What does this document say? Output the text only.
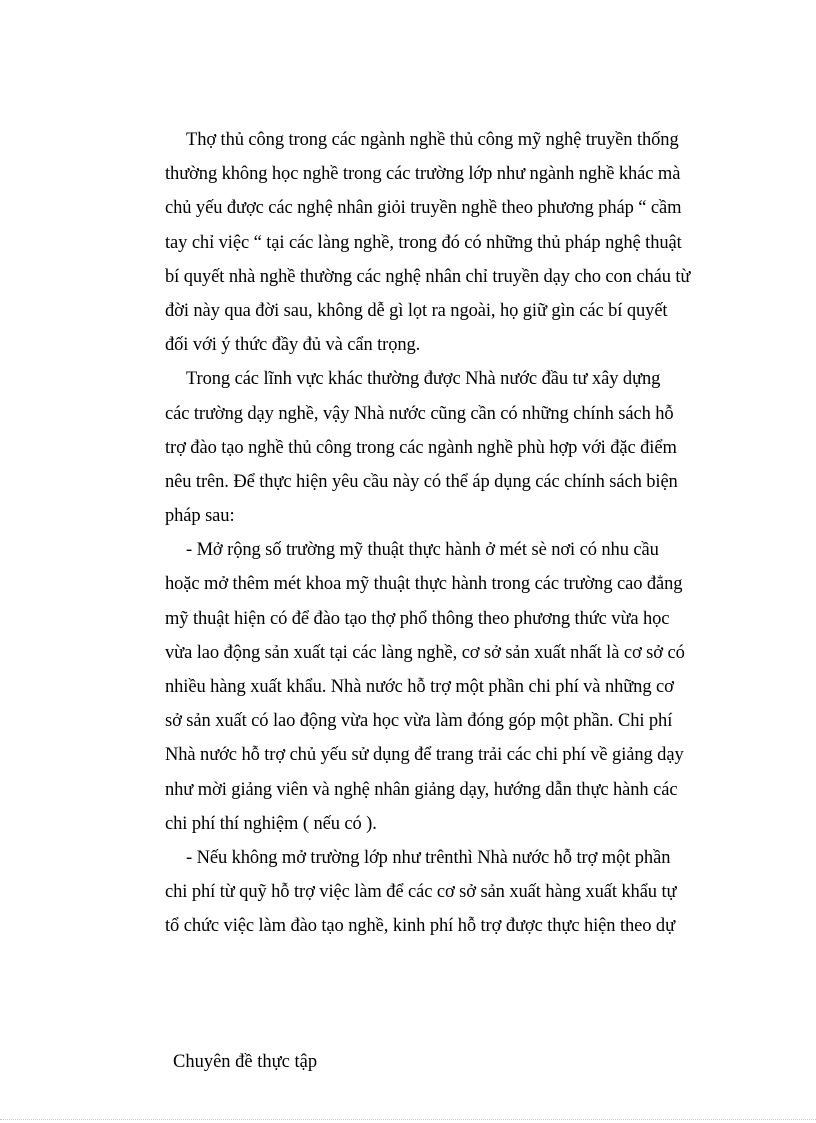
Thợ thủ công trong các ngành nghề thủ công mỹ nghệ truyền thống
thường không học nghề trong các trường lớp như ngành nghề khác mà
chủ yếu được các nghệ nhân giỏi truyền nghề theo phương pháp “ cầm
tay chỉ việc “ tại các làng nghề, trong đó có những thủ pháp nghệ thuật
bí quyết nhà nghề thường các nghệ nhân chỉ truyền dạy cho con cháu từ
đời này qua đời sau, không dễ gì lọt ra ngoài, họ giữ gìn các bí quyết
đối với ý thức đầy đủ và cẩn trọng.
Trong các lĩnh vực khác thường được Nhà nước đầu tư xây dựng
các trường dạy nghề, vậy Nhà nước cũng cần có những chính sách hỗ
trợ đào tạo nghề thủ công trong các ngành nghề phù hợp với đặc điểm
nêu trên. Để thực hiện yêu cầu này có thể áp dụng các chính sách biện
pháp sau:
- Mở rộng số trường mỹ thuật thực hành ở mét sè nơi có nhu cầu
hoặc mở thêm mét khoa mỹ thuật thực hành trong các trường cao đẳng
mỹ thuật hiện có để đào tạo thợ phổ thông theo phương thức vừa học
vừa lao động sản xuất tại các làng nghề, cơ sở sản xuất nhất là cơ sở có
nhiều hàng xuất khẩu. Nhà nước hỗ trợ một phần chi phí và những cơ
sở sản xuất có lao động vừa học vừa làm đóng góp một phần. Chi phí
Nhà nước hỗ trợ chủ yếu sử dụng để trang trải các chi phí về giảng dạy
như mời giảng viên và nghệ nhân giảng dạy, hướng dẫn thực hành các
chi phí thí nghiệm ( nếu có ).
- Nếu không mở trường lớp như trênthì Nhà nước hỗ trợ một phần
chi phí từ quỹ hỗ trợ việc làm để các cơ sở sản xuất hàng xuất khẩu tự
tổ chức việc làm đào tạo nghề, kinh phí hỗ trợ được thực hiện theo dự
Chuyên đề thực tập
